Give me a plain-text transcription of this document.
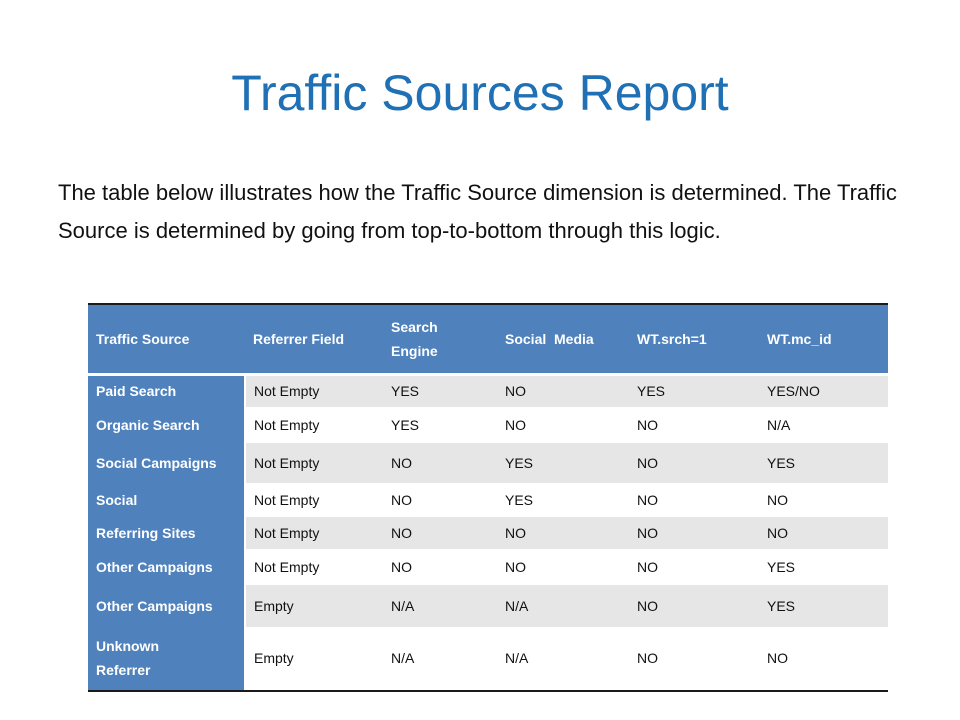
Traffic Sources Report

The table below illustrates how the Traffic Source dimension is determined. The Traffic Source is determined by going from top-to-bottom through this logic.

Traffic Source	Referrer Field	Search Engine	Social  Media	WT.srch=1	WT.mc_id
Paid Search	Not Empty	YES	NO	YES	YES/NO
Organic Search	Not Empty	YES	NO	NO	N/A
Social Campaigns	Not Empty	NO	YES	NO	YES
Social	Not Empty	NO	YES	NO	NO
Referring Sites	Not Empty	NO	NO	NO	NO
Other Campaigns	Not Empty	NO	NO	NO	YES
Other Campaigns	Empty	N/A	N/A	NO	YES
Unknown Referrer	Empty	N/A	N/A	NO	NO
